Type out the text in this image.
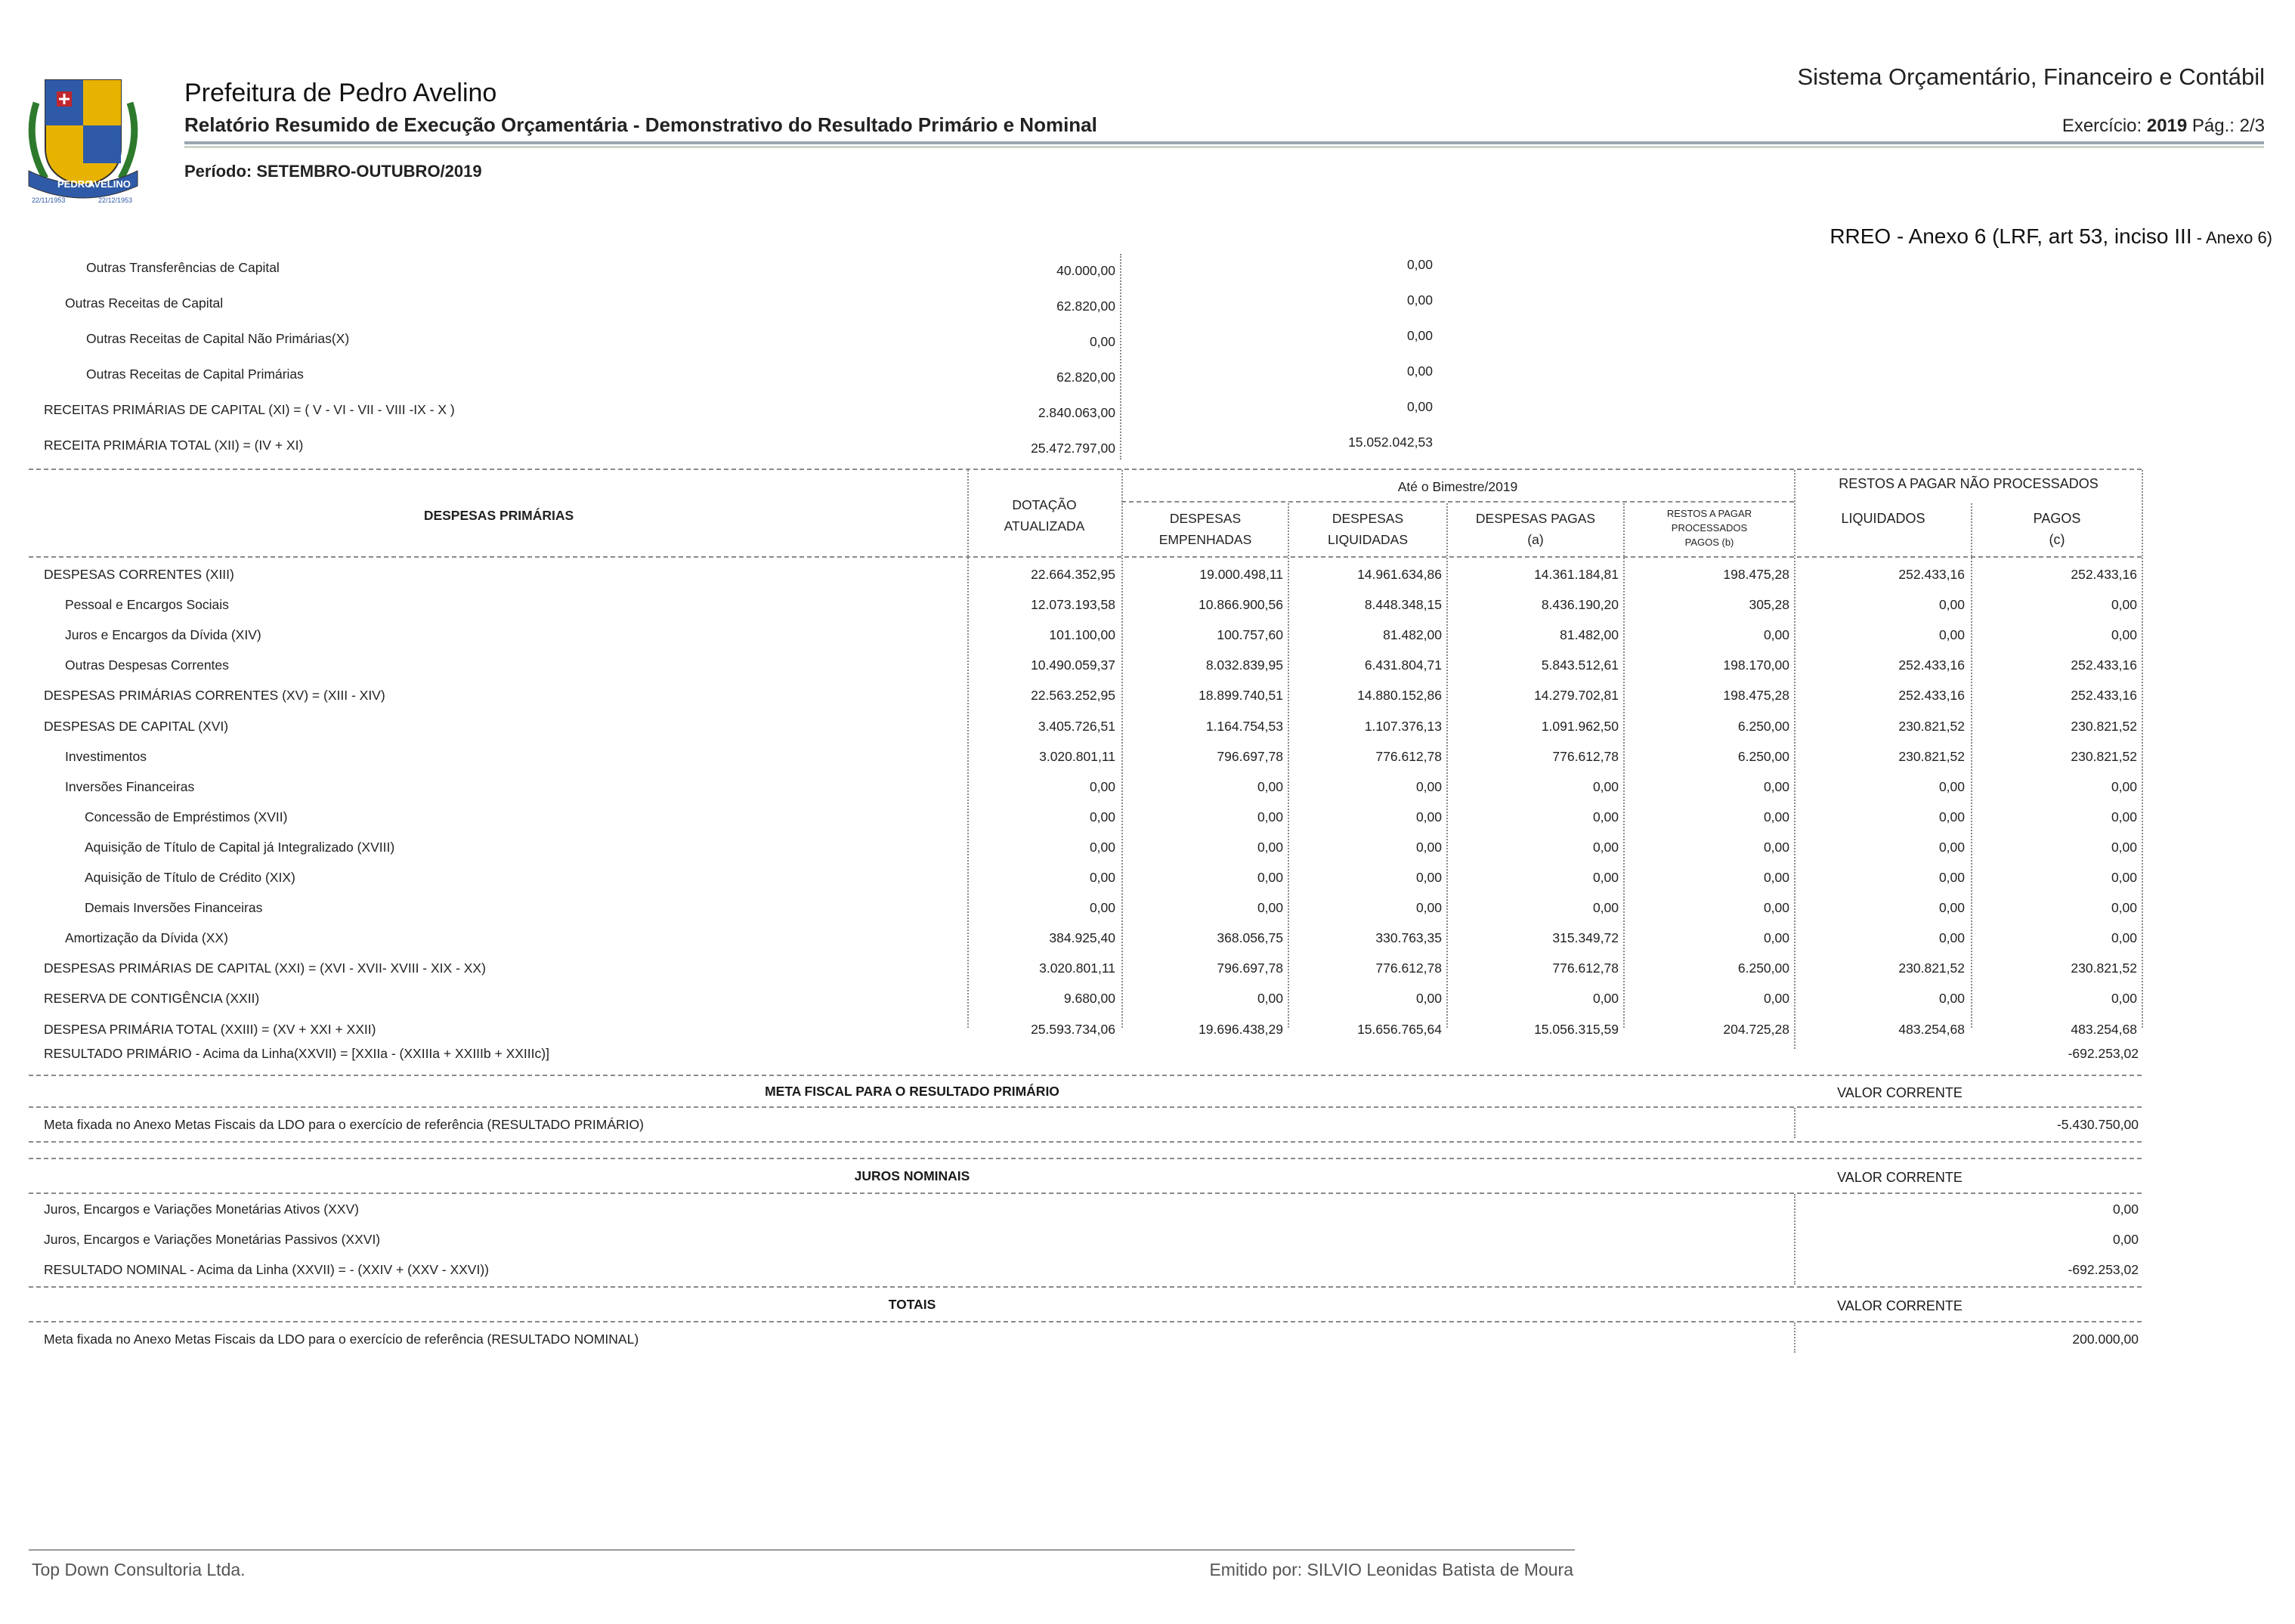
PEDRO
AVELINO
22/11/1953	22/12/1953
Prefeitura de Pedro Avelino
Relatório Resumido de Execução Orçamentária - Demonstrativo do Resultado Primário e Nominal
Período: SETEMBRO-OUTUBRO/2019
Sistema Orçamentário, Financeiro e Contábil
Exercício: 2019 Pág.: 2/3
RREO - Anexo 6 (LRF, art 53, inciso III - Anexo 6)
Outras Transferências de Capital	40.000,00	0,00
Outras Receitas de Capital	62.820,00	0,00
Outras Receitas de Capital Não Primárias(X)	0,00	0,00
Outras Receitas de Capital Primárias	62.820,00	0,00
RECEITAS PRIMÁRIAS DE CAPITAL (XI) = ( V - VI - VII - VIII -IX - X )	2.840.063,00	0,00
RECEITA PRIMÁRIA TOTAL (XII) = (IV + XI)	25.472.797,00	15.052.042,53
DESPESAS PRIMÁRIAS
DOTAÇÃO
ATUALIZADA
Até o Bimestre/2019
DESPESAS
EMPENHADAS
DESPESAS
LIQUIDADAS
DESPESAS PAGAS
(a)
RESTOS A PAGAR
PROCESSADOS
PAGOS (b)
RESTOS A PAGAR NÃO PROCESSADOS
LIQUIDADOS	PAGOS
(c)
DESPESAS CORRENTES (XIII)	22.664.352,95	19.000.498,11	14.961.634,86	14.361.184,81	198.475,28	252.433,16	252.433,16
Pessoal e Encargos Sociais	12.073.193,58	10.866.900,56	8.448.348,15	8.436.190,20	305,28	0,00	0,00
Juros e Encargos da Dívida (XIV)	101.100,00	100.757,60	81.482,00	81.482,00	0,00	0,00	0,00
Outras Despesas Correntes	10.490.059,37	8.032.839,95	6.431.804,71	5.843.512,61	198.170,00	252.433,16	252.433,16
DESPESAS PRIMÁRIAS CORRENTES (XV) = (XIII - XIV)	22.563.252,95	18.899.740,51	14.880.152,86	14.279.702,81	198.475,28	252.433,16	252.433,16
DESPESAS DE CAPITAL (XVI)	3.405.726,51	1.164.754,53	1.107.376,13	1.091.962,50	6.250,00	230.821,52	230.821,52
Investimentos	3.020.801,11	796.697,78	776.612,78	776.612,78	6.250,00	230.821,52	230.821,52
Inversões Financeiras	0,00	0,00	0,00	0,00	0,00	0,00	0,00
Concessão de Empréstimos (XVII)	0,00	0,00	0,00	0,00	0,00	0,00	0,00
Aquisição de Título de Capital já Integralizado (XVIII)	0,00	0,00	0,00	0,00	0,00	0,00	0,00
Aquisição de Título de Crédito (XIX)	0,00	0,00	0,00	0,00	0,00	0,00	0,00
Demais Inversões Financeiras	0,00	0,00	0,00	0,00	0,00	0,00	0,00
Amortização da Dívida (XX)	384.925,40	368.056,75	330.763,35	315.349,72	0,00	0,00	0,00
DESPESAS PRIMÁRIAS DE CAPITAL (XXI) = (XVI - XVII- XVIII - XIX - XX)	3.020.801,11	796.697,78	776.612,78	776.612,78	6.250,00	230.821,52	230.821,52
RESERVA DE CONTIGÊNCIA (XXII)	9.680,00	0,00	0,00	0,00	0,00	0,00	0,00
DESPESA PRIMÁRIA TOTAL (XXIII) = (XV + XXI + XXII)	25.593.734,06	19.696.438,29	15.656.765,64	15.056.315,59	204.725,28	483.254,68	483.254,68
RESULTADO PRIMÁRIO - Acima da Linha(XXVII) = [XXIIa - (XXIIIa + XXIIIb + XXIIIc)]	-692.253,02
META FISCAL PARA O RESULTADO PRIMÁRIO	VALOR CORRENTE
Meta fixada no Anexo Metas Fiscais da LDO para o exercício de referência (RESULTADO PRIMÁRIO)	-5.430.750,00
JUROS NOMINAIS	VALOR CORRENTE
Juros, Encargos e Variações Monetárias Ativos (XXV)	0,00
Juros, Encargos e Variações Monetárias Passivos (XXVI)	0,00
RESULTADO NOMINAL - Acima da Linha (XXVII) = - (XXIV + (XXV - XXVI))	-692.253,02
TOTAIS	VALOR CORRENTE
Meta fixada no Anexo Metas Fiscais da LDO para o exercício de referência (RESULTADO NOMINAL)	200.000,00
Top Down Consultoria Ltda.	Emitido por: SILVIO Leonidas Batista de Moura
